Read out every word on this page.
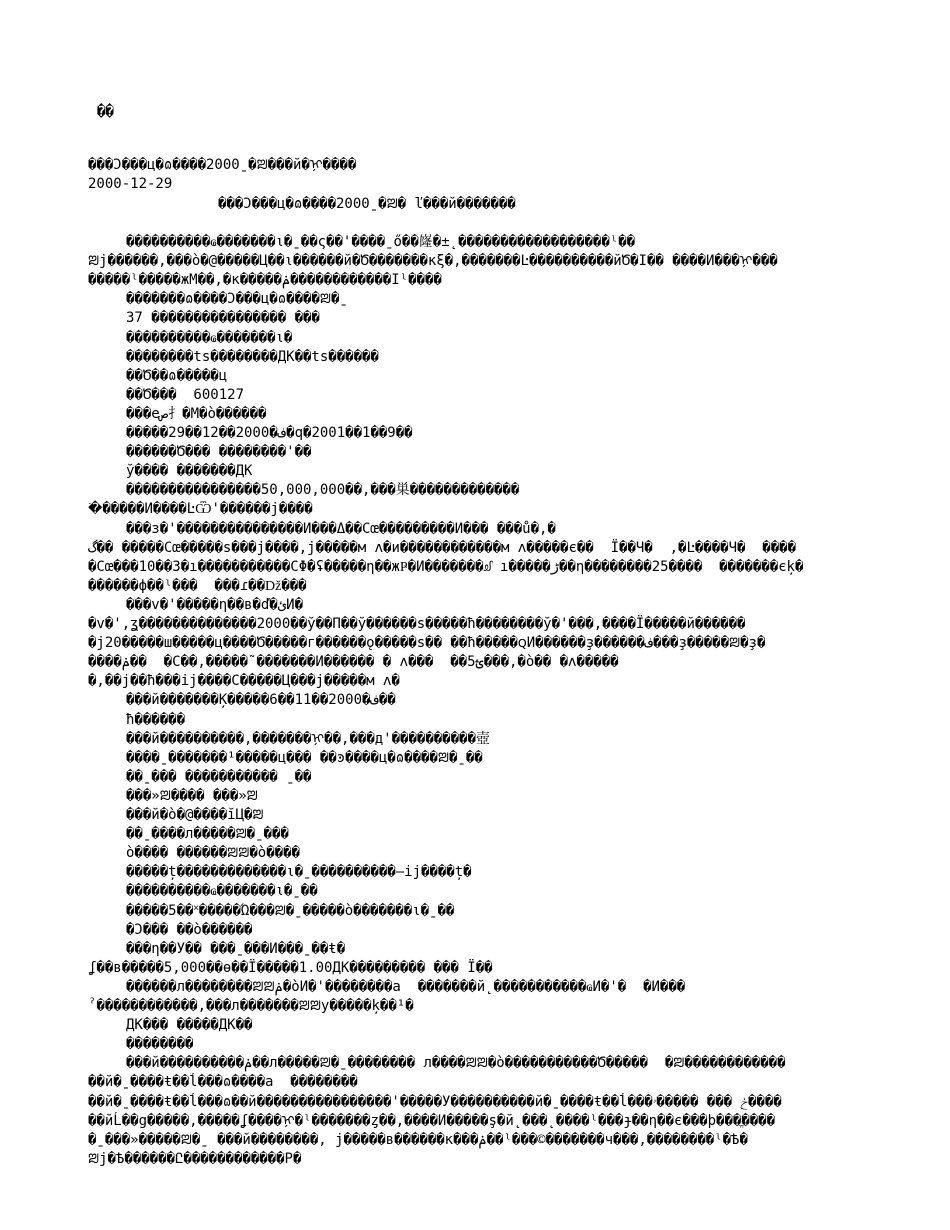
��
���Ͻ���ц�ɷ����2000ˍ�ꢪ���й�ᢊ����
2000-12-29
���Ͻ���ц�ɷ����2000ˍ�ꢪ� ľ���й�������
����������ҩ�������ι�ˍ��ς��'����ˍő��嶐�±˛������������������ˡ��
ꢪј������,���ò�@�����Ц��ι������й�Ծ�������κξ�,�������Ŀ����������йԾ�Ӏ�� ����И���ᢊ���
�����ˡ�����жМ��,�к�����ݥ������������Ӏˡ����
�������ɷ����Ͻ���ц�ɷ����ꢪ�ˍ
37 ���������������� ���
����������ҩ�������ι�
��������ts��������ДК��ts������
��Ծ��ɷ�����ц
��Ծ���  600127
���eص扌�М�ò������
�����29��12��2000�ف�q�2001��1��9��
������Ծ��� ��������'��
ў���� �������ДК
����������������50,000,000��,���巣�������������
�ׂ�����И����ĿѾ'������ј����
���з�'���������������И���Δ��Сœ���������И��� ���ů�,�
گ�� �����Сœ�����ѕ���ј����,ј�����м ʌ�и������������м ʌ�����є��  Ï��Ч�  ,�Ŀ����Ч�  ����
�Сœ���10��3�ı�����������СΦ�ʢ�����η��жҎ�И�������ᦾ ı�����ڑ��η��������25����  �������єķ�
������ф��ˡ���  ���ɾ��ǅ���
���v�'�����η��в�ď�ئИ�
�v�',ʓ��������������2000��ў��П��ў������ѕ�����ħ��������ў�'���,����Ï�����й������
�ј20�����ш�����ц����Ծ�����г������ǫ�����ѕ�� ��ħ�����ꞯИ������ҙ������ف���ҙ�����ꢪ�ҙ�
����ݥ��  �С��,�����˜�������И������ � ʌ���  ��ؿ5���,�ò�� �ʌ�����
�,��ј��ħ���ij����С�����Ц���ј�����м ʌ�
���й�������Ķ�����6��11��2000�ف��
ħ������
���й����������,�������ᢊ��,���д'����������壺
����ˍ�������¹�����ц��� ��ͽ����ц�ɷ����ꢪ�ˍ��
��ˍ��� ����������� ˍ��
���»ꢪ���� ���»ꢪ
���й�ò�@����ĭЦ�ꢪ
��ˍ����л�����ꢪ�ˍ���
ò���� ������ꢪꢪ�ò����
�����ț�������������ι�ˍ����������–ij����ț�
����������ҩ�������ι�ˍ��
�����5��˟�����Ώ���ꢪ�ˍ�����ò�������ι�ˍ��
�Ͻ��� ��ò������
���η��У�� ���ˍ���И���ˍ��ŧ�
ʆ��в�����5,000��ө��Ï�����1.00ДК��������� ��� Ï��
������л��������ꢪꢪݥ�òИ�'��������а  �������й˛�����������ҩИ�'�  �И���
ˀ������������,���л�������ꢪꢪу�����ķ��¹�
ДК��� �����ДК��
��������
���й����������ݥ��л�����ꢪ�ˍ�������� л����ꢪꢪ�ò�����������Ծ�����  �ꢪ������������
��й�ˍ����ŧ��ĺ���ɷ����а  ��������
��й�ˍ����ŧ��ĺ���ɷ��й����������������'�����У����������й�ˍ����ŧ��ĺ���ڂ ��� �����ۥ����
��йĹ��g�����,�����ʆ����ᢊ�ˡ�������ȥ��,����И�����ş�й˛���˛����ˡ���ɟ��η��є���þ���ֱ����
�ˍ���»�����ꢪ�ˍ ���й��������, ј�����в������к���ݥ��ˡ���©�������ч���,��������ˡ�Ѣ�
ꢪј�Ѣ������Ը������������Р�
